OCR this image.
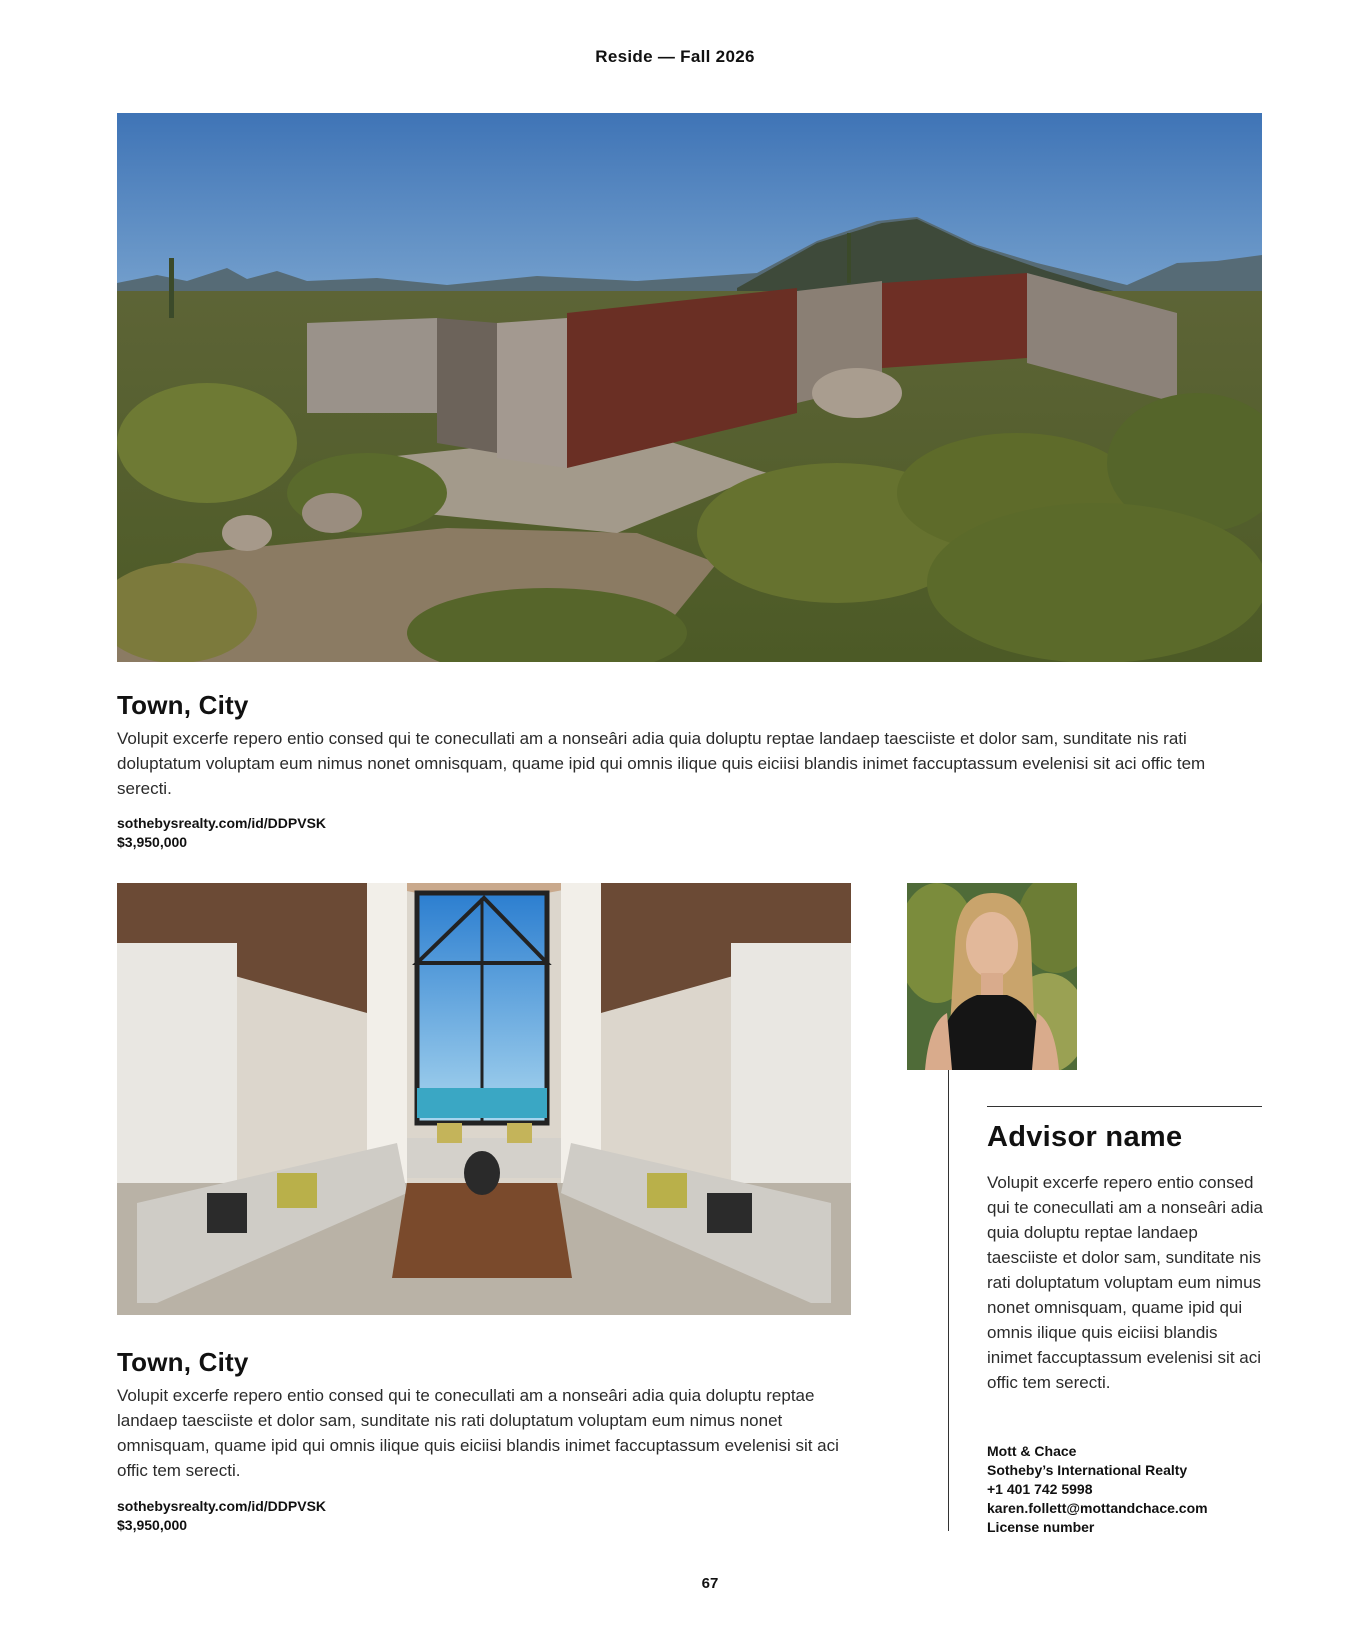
Reside — Fall 2026
Town, City
Volupit excerfe repero entio consed qui te conecullati am a nonseâri adia quia doluptu reptae landaep taesciiste et dolor sam, sunditate nis rati doluptatum voluptam eum nimus nonet omnisquam, quame ipid qui omnis ilique quis eiciisi blandis inimet faccuptassum evelenisi sit aci offic tem serecti.
sothebysrealty.com/id/DDPVSK
$3,950,000
Town, City
Volupit excerfe repero entio consed qui te conecullati am a nonseâri adia quia doluptu reptae landaep taesciiste et dolor sam, sunditate nis rati doluptatum voluptam eum nimus nonet omnisquam, quame ipid qui omnis ilique quis eiciisi blandis inimet faccuptassum evelenisi sit aci offic tem serecti.
sothebysrealty.com/id/DDPVSK
$3,950,000
Advisor name
Volupit excerfe repero entio consed qui te conecullati am a nonseâri adia quia doluptu reptae landaep taesciiste et dolor sam, sunditate nis rati doluptatum voluptam eum nimus nonet omnisquam, quame ipid qui omnis ilique quis eiciisi blandis inimet faccuptassum evelenisi sit aci offic tem serecti.
Mott & Chace
Sotheby’s International Realty
+1 401 742 5998
karen.follett@mottandchace.com
License number
67
